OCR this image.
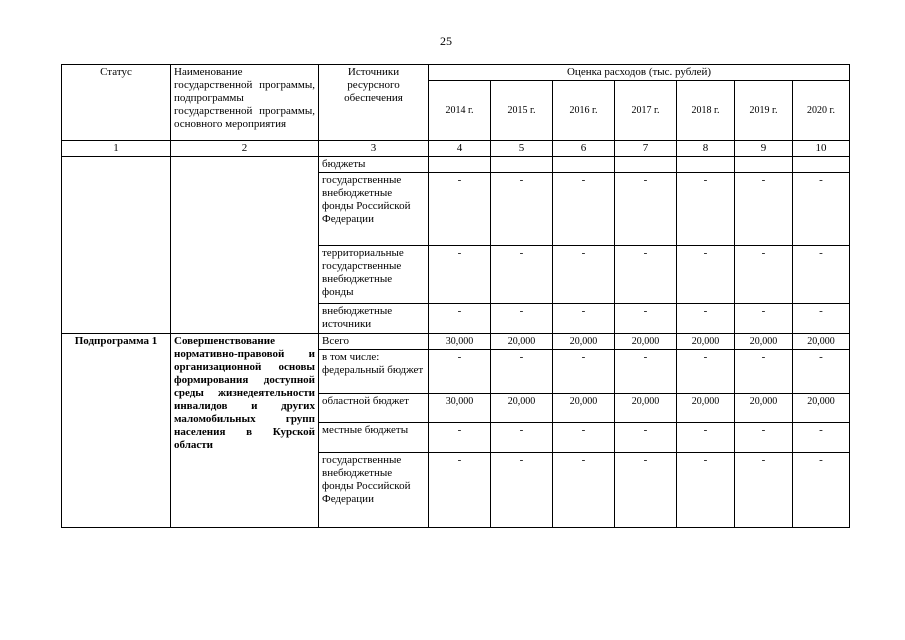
25
Статус	Наименование государственной программы, подпрограммы государственной программы, основного мероприятия	Источники ресурсного обеспечения	Оценка расходов (тыс. рублей)						
			2014 г.	2015 г.	2016 г.	2017 г.	2018 г.	2019 г.	2020 г.
1	2	3	4	5	6	7	8	9	10
		бюджеты							
		государственные внебюджетные фонды Российской Федерации	-	-	-	-	-	-	-
		территориальные государственные внебюджетные фонды	-	-	-	-	-	-	-
		внебюджетные источники	-	-	-	-	-	-	-
Подпрограмма 1	Совершенствование нормативно-правовой и организационной основы формирования доступной среды жизнедеятельности инвалидов и других маломобильных групп населения в Курской области	Всего	30,000	20,000	20,000	20,000	20,000	20,000	20,000
		в том числе: федеральный бюджет	-	-	-	-	-	-	-
		областной бюджет	30,000	20,000	20,000	20,000	20,000	20,000	20,000
		местные бюджеты	-	-	-	-	-	-	-
		государственные внебюджетные фонды Российской Федерации	-	-	-	-	-	-	-
